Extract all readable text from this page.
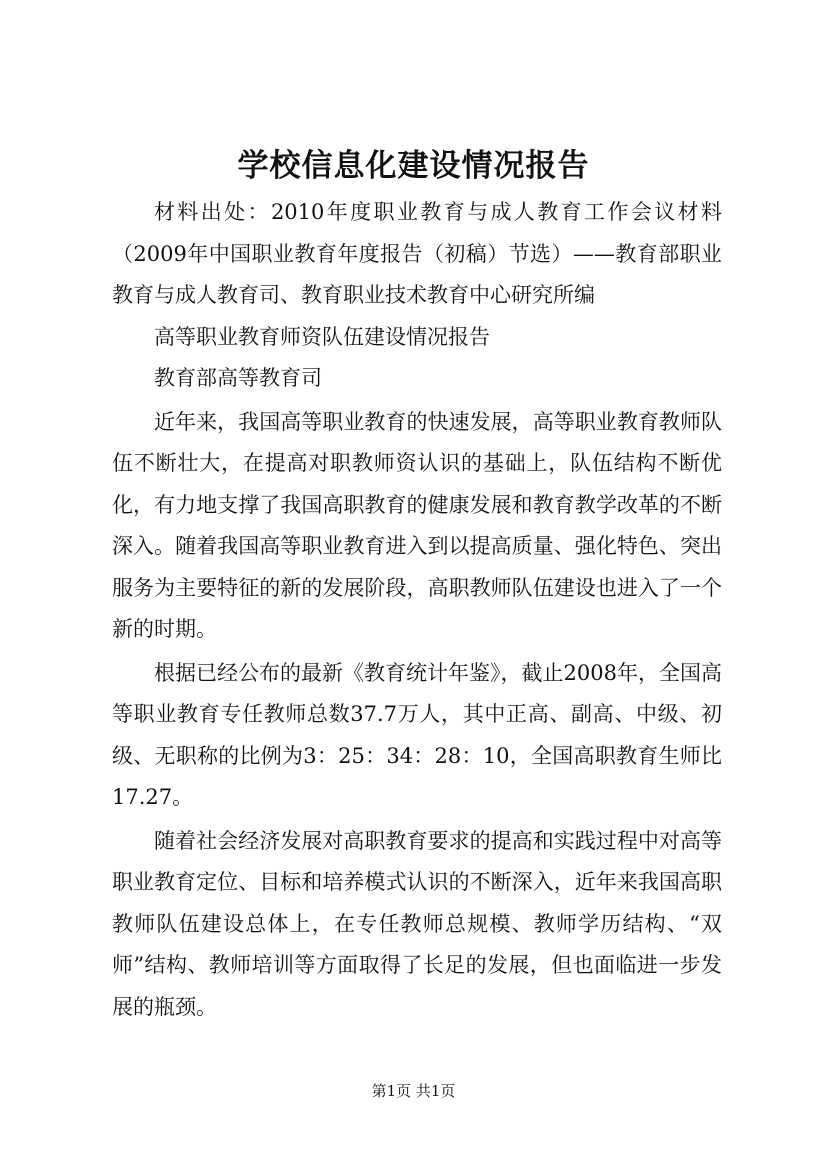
学校信息化建设情况报告

材料出处：2010年度职业教育与成人教育工作会议材料（2009年中国职业教育年度报告（初稿）节选）——教育部职业教育与成人教育司、教育职业技术教育中心研究所编

高等职业教育师资队伍建设情况报告

教育部高等教育司

近年来，我国高等职业教育的快速发展，高等职业教育教师队伍不断壮大，在提高对职教师资认识的基础上，队伍结构不断优化，有力地支撑了我国高职教育的健康发展和教育教学改革的不断深入。随着我国高等职业教育进入到以提高质量、强化特色、突出服务为主要特征的新的发展阶段，高职教师队伍建设也进入了一个新的时期。

根据已经公布的最新《教育统计年鉴》，截止2008年，全国高等职业教育专任教师总数37.7万人，其中正高、副高、中级、初级、无职称的比例为3：25：34：28：10，全国高职教育生师比17.27。

随着社会经济发展对高职教育要求的提高和实践过程中对高等职业教育定位、目标和培养模式认识的不断深入，近年来我国高职教师队伍建设总体上，在专任教师总规模、教师学历结构、“双师”结构、教师培训等方面取得了长足的发展，但也面临进一步发展的瓶颈。

第1页 共1页
